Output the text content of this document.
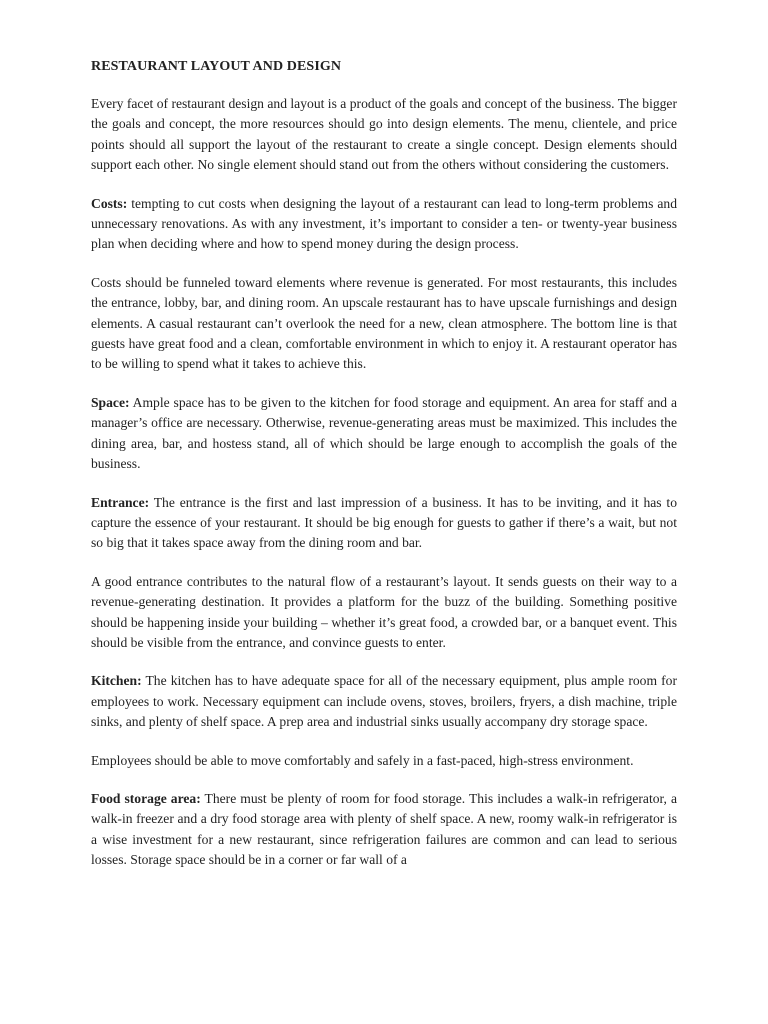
RESTAURANT LAYOUT AND DESIGN

Every facet of restaurant design and layout is a product of the goals and concept of the business. The bigger the goals and concept, the more resources should go into design elements. The menu, clientele, and price points should all support the layout of the restaurant to create a single concept. Design elements should support each other. No single element should stand out from the others without considering the customers.

Costs: tempting to cut costs when designing the layout of a restaurant can lead to long-term problems and unnecessary renovations. As with any investment, it’s important to consider a ten- or twenty-year business plan when deciding where and how to spend money during the design process.

Costs should be funneled toward elements where revenue is generated. For most restaurants, this includes the entrance, lobby, bar, and dining room. An upscale restaurant has to have upscale furnishings and design elements. A casual restaurant can’t overlook the need for a new, clean atmosphere. The bottom line is that guests have great food and a clean, comfortable environment in which to enjoy it. A restaurant operator has to be willing to spend what it takes to achieve this.

Space: Ample space has to be given to the kitchen for food storage and equipment. An area for staff and a manager’s office are necessary. Otherwise, revenue-generating areas must be maximized. This includes the dining area, bar, and hostess stand, all of which should be large enough to accomplish the goals of the business.

Entrance: The entrance is the first and last impression of a business. It has to be inviting, and it has to capture the essence of your restaurant. It should be big enough for guests to gather if there’s a wait, but not so big that it takes space away from the dining room and bar.

A good entrance contributes to the natural flow of a restaurant’s layout. It sends guests on their way to a revenue-generating destination. It provides a platform for the buzz of the building. Something positive should be happening inside your building – whether it’s great food, a crowded bar, or a banquet event. This should be visible from the entrance, and convince guests to enter.

Kitchen: The kitchen has to have adequate space for all of the necessary equipment, plus ample room for employees to work. Necessary equipment can include ovens, stoves, broilers, fryers, a dish machine, triple sinks, and plenty of shelf space. A prep area and industrial sinks usually accompany dry storage space.

Employees should be able to move comfortably and safely in a fast-paced, high-stress environment.

Food storage area: There must be plenty of room for food storage. This includes a walk-in refrigerator, a walk-in freezer and a dry food storage area with plenty of shelf space. A new, roomy walk-in refrigerator is a wise investment for a new restaurant, since refrigeration failures are common and can lead to serious losses. Storage space should be in a corner or far wall of a
